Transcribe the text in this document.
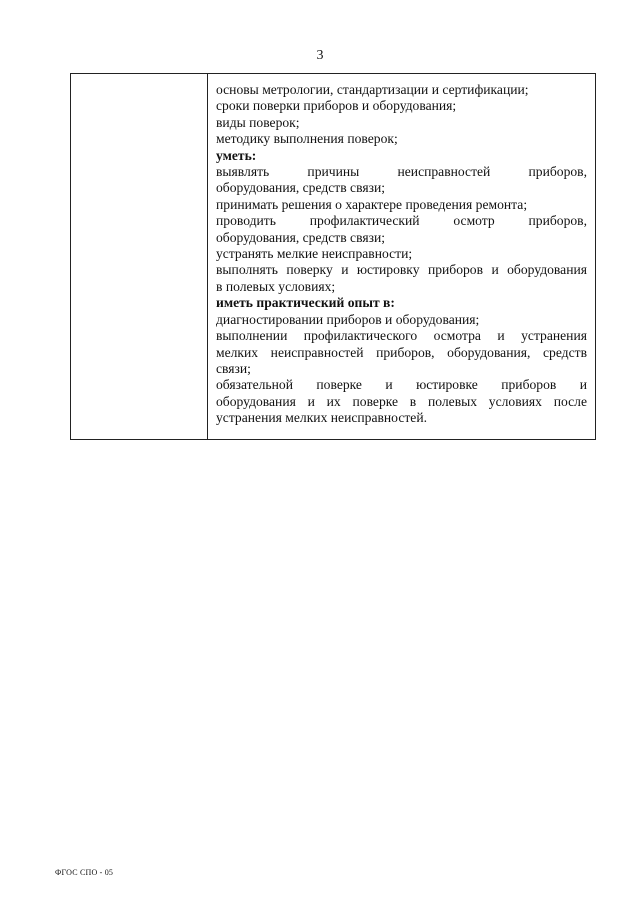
3
основы метрологии, стандартизации и сертификации;
сроки поверки приборов и оборудования;
виды поверок;
методику выполнения поверок;
уметь:
выявлять причины неисправностей приборов,
оборудования, средств связи;
принимать решения о характере проведения ремонта;
проводить профилактический осмотр приборов,
оборудования, средств связи;
устранять мелкие неисправности;
выполнять поверку и юстировку приборов и оборудования
в полевых условиях;
иметь практический опыт в:
диагностировании приборов и оборудования;
выполнении профилактического осмотра и устранения
мелких неисправностей приборов, оборудования, средств
связи;
обязательной поверке и юстировке приборов и
оборудования и их поверке в полевых условиях после
устранения мелких неисправностей.
ФГОС СПО - 05
